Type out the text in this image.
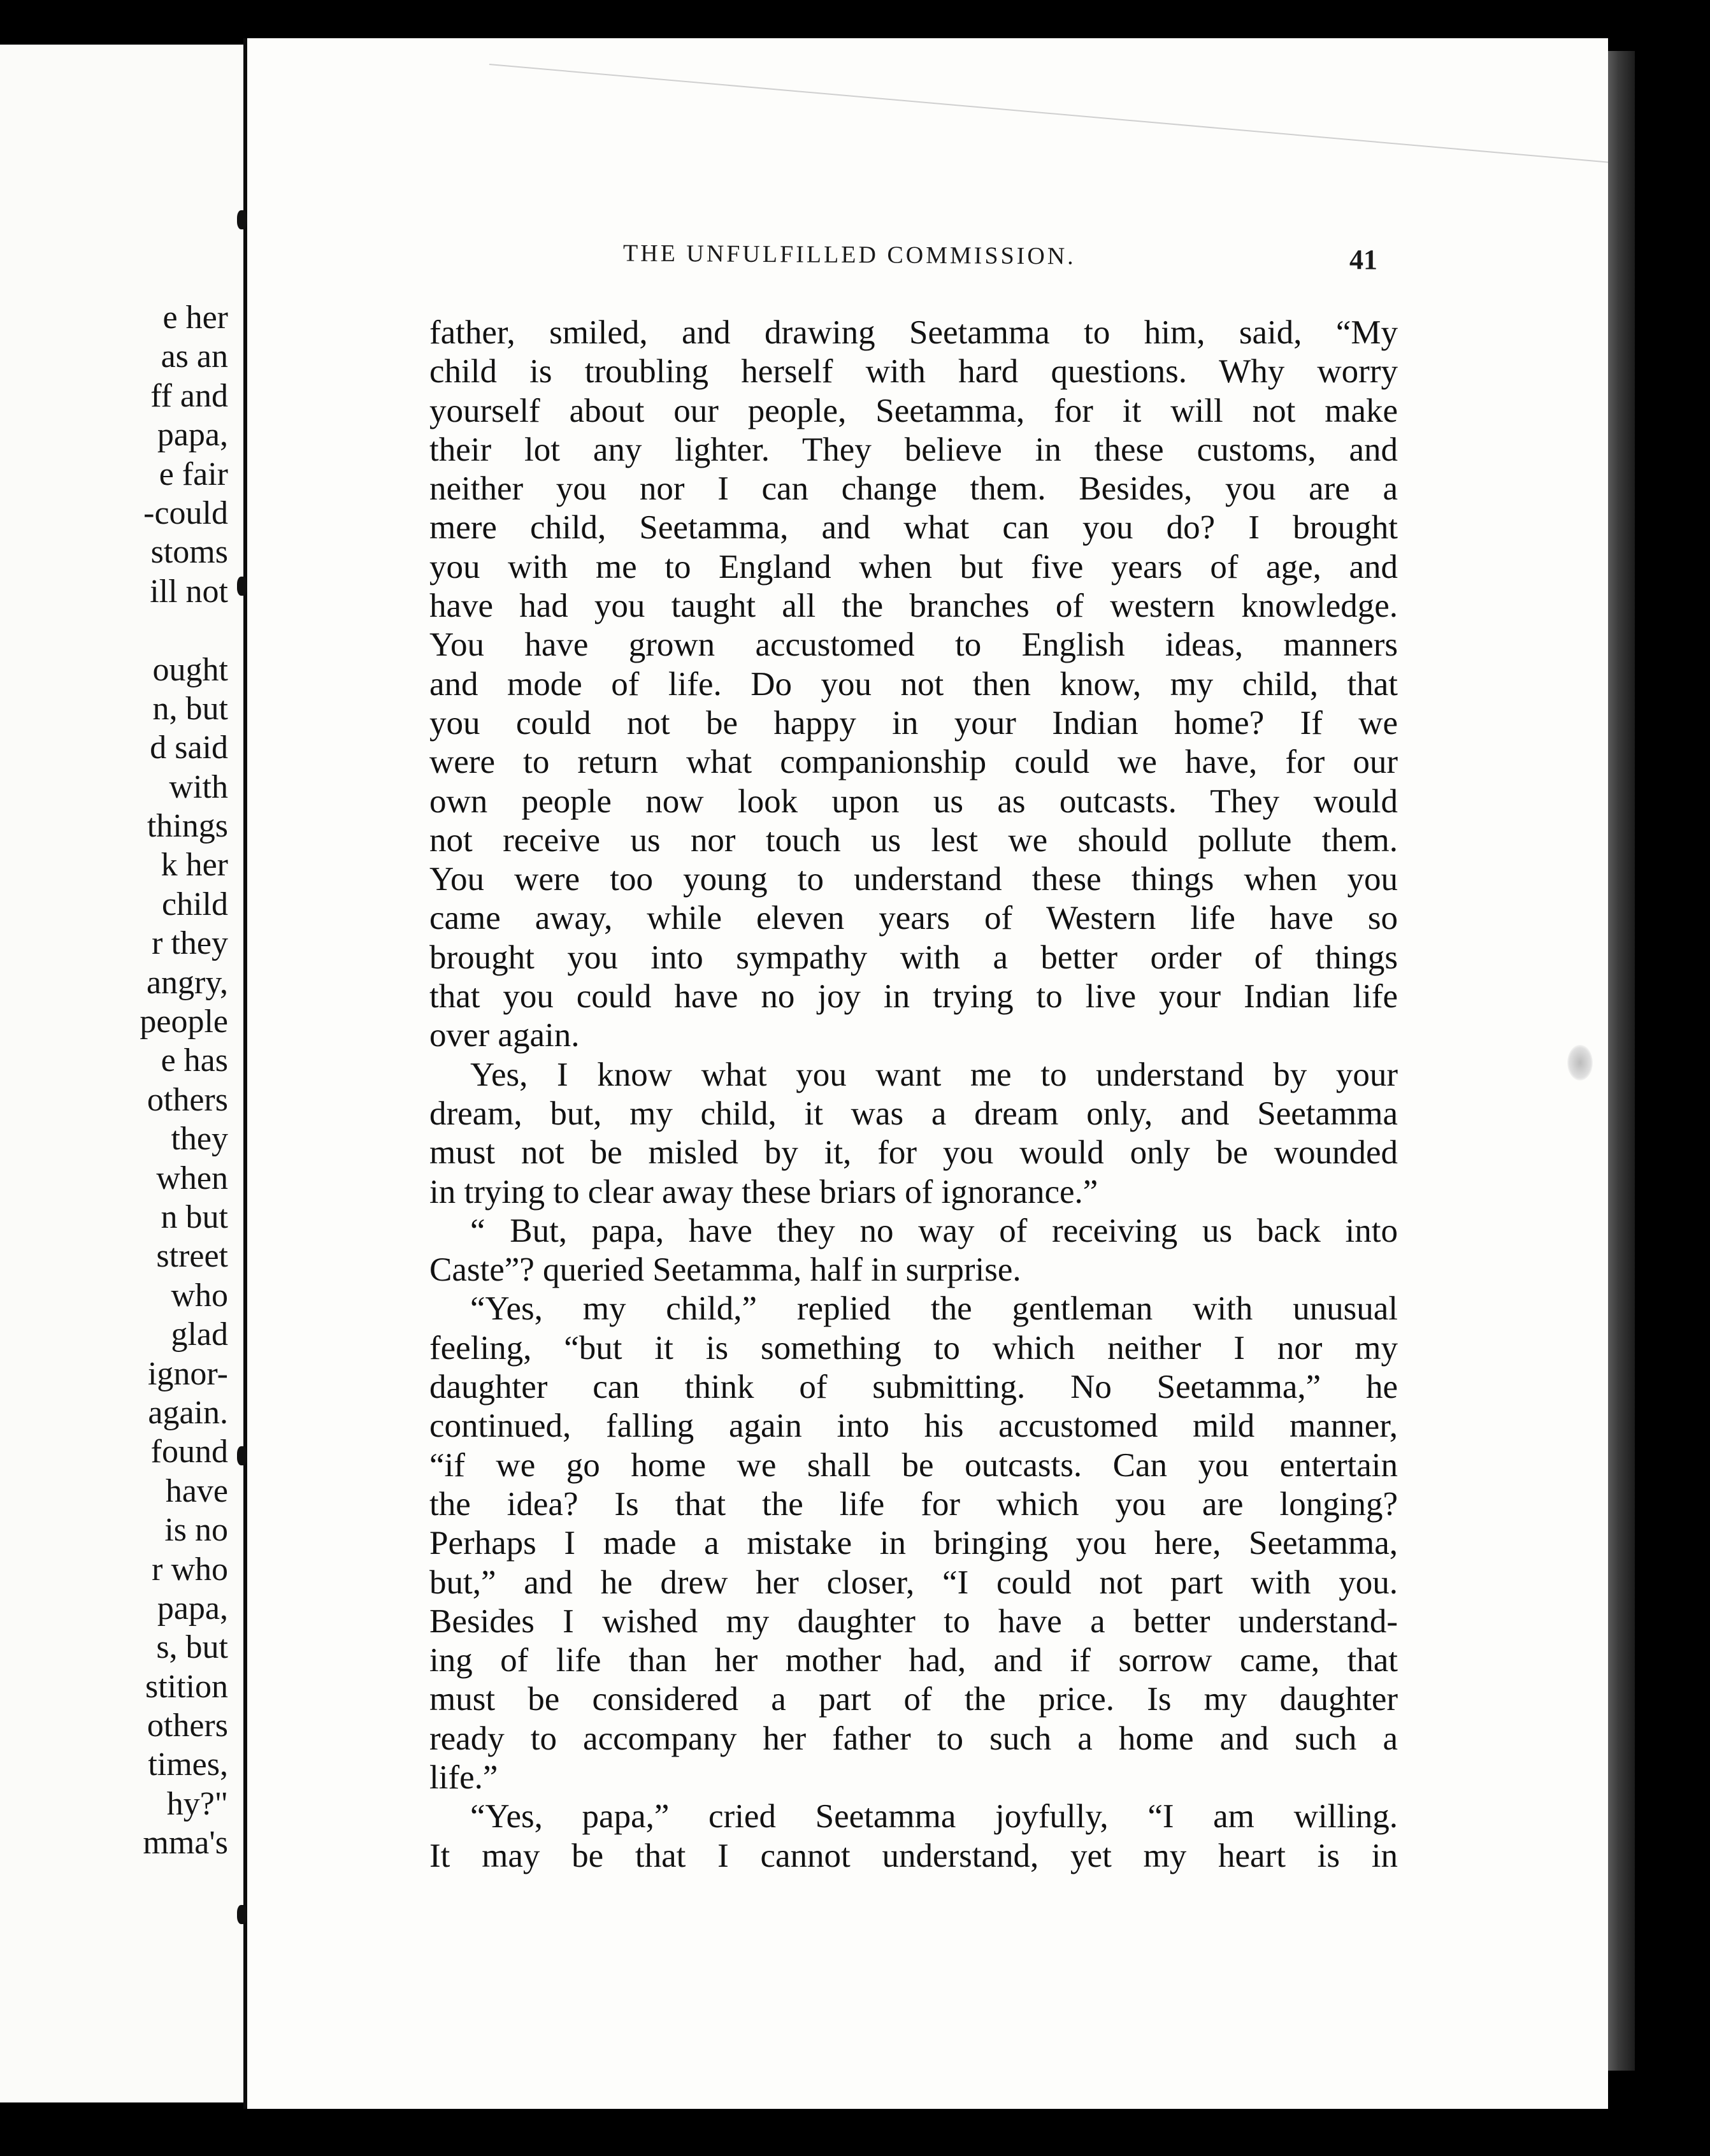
e her
as an
ff and
papa,
e fair
-could
stoms
ill not
ought
n, but
d said
with
things
k her
child
r they
angry,
people
e has
others
they
when
n but
street
who
glad
ignor-
again.
found
have
is no
r who
papa,
s, but
stition
others
times,
hy?"
mma's
THE UNFULFILLED COMMISSION.	41
father, smiled, and drawing Seetamma to him, said, “My
child is troubling herself with hard questions. Why worry
yourself about our people, Seetamma, for it will not make
their lot any lighter. They believe in these customs, and
neither you nor I can change them. Besides, you are a
mere child, Seetamma, and what can you do? I brought
you with me to England when but five years of age, and
have had you taught all the branches of western knowledge.
You have grown accustomed to English ideas, manners
and mode of life. Do you not then know, my child, that
you could not be happy in your Indian home? If we
were to return what companionship could we have, for our
own people now look upon us as outcasts. They would
not receive us nor touch us lest we should pollute them.
You were too young to understand these things when you
came away, while eleven years of Western life have so
brought you into sympathy with a better order of things
that you could have no joy in trying to live your Indian life
over again.
Yes, I know what you want me to understand by your
dream, but, my child, it was a dream only, and Seetamma
must not be misled by it, for you would only be wounded
in trying to clear away these briars of ignorance.”
“ But, papa, have they no way of receiving us back into
Caste”? queried Seetamma, half in surprise.
“Yes, my child,” replied the gentleman with unusual
feeling, “but it is something to which neither I nor my
daughter can think of submitting. No Seetamma,” he
continued, falling again into his accustomed mild manner,
“if we go home we shall be outcasts. Can you entertain
the idea? Is that the life for which you are longing?
Perhaps I made a mistake in bringing you here, Seetamma,
but,” and he drew her closer, “I could not part with you.
Besides I wished my daughter to have a better understand-
ing of life than her mother had, and if sorrow came, that
must be considered a part of the price. Is my daughter
ready to accompany her father to such a home and such a
life.”
“Yes, papa,” cried Seetamma joyfully, “I am willing.
It may be that I cannot understand, yet my heart is in
